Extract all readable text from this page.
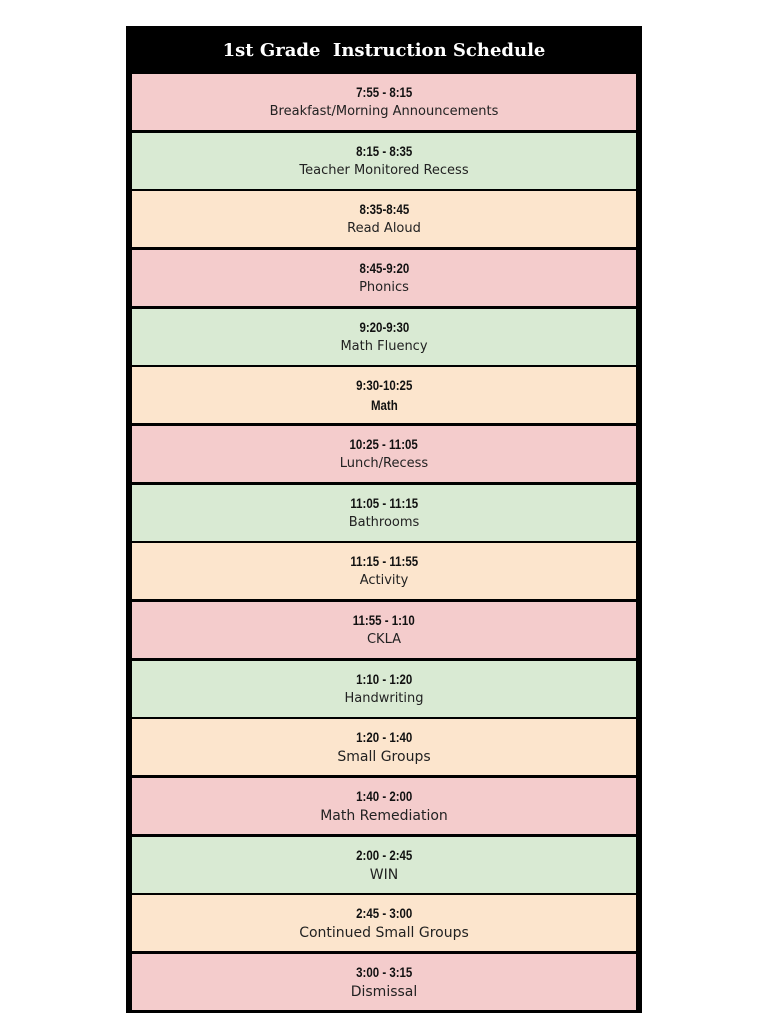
1st Grade  Instruction Schedule
7:55 - 8:15
Breakfast/Morning Announcements
8:15 - 8:35
Teacher Monitored Recess
8:35-8:45
Read Aloud
8:45-9:20
Phonics
9:20-9:30
Math Fluency
9:30-10:25
Math
10:25 - 11:05
Lunch/Recess
11:05 - 11:15
Bathrooms
11:15 - 11:55
Activity
11:55 - 1:10
CKLA
1:10 - 1:20
Handwriting
1:20 - 1:40
Small Groups
1:40 - 2:00
Math Remediation
2:00 - 2:45
WIN
2:45 - 3:00
Continued Small Groups
3:00 - 3:15
Dismissal
